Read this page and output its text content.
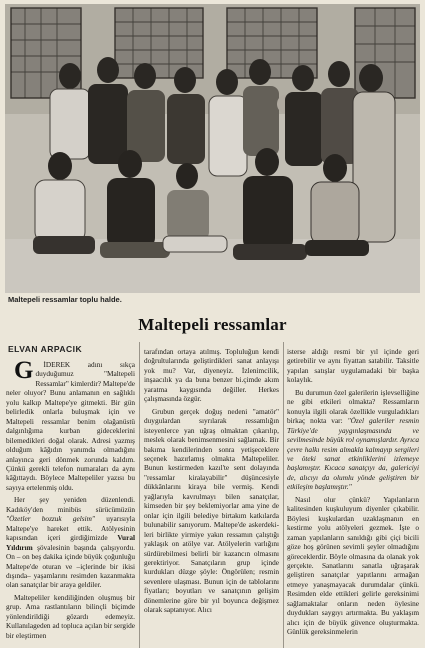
Maltepeli ressamlar toplu halde.
Maltepeli ressamlar
ELVAN ARPACIK

G İDEREK adını sıkça duyduğumuz "Maltepeli Ressamlar" kimlerdir? Maltepe'de neler oluyor? Bunu anlamanın en sağlıklı yolu kalkıp Maltepe'ye gitmekti. Bir gün belirledik onlarla buluşmak için ve Maltepeli ressamlar benim olağanüstü dalgınlığıma kurban gideceklerini bilemedikleri doğal olarak. Adresi yazmış olduğum kâğıdın yanımda olmadığını anlayınca geri dönmek zorunda kaldım. Çünkü gerekli telefon numaraları da aynı kâğıttaydı. Böylece Maltepeliler yazısı bu sayıya ertelenmiş oldu.

Her şey yeniden düzenlendi. Kadıköy'den minibüs sürücümüzün "Özetler bozzuk gelsim" uyarısıyla Maltepe'ye hareket ettik. Atölyesinin kapısından içeri girdiğimizde Vural Yıldırım şövalesinin başında çalışıyordu. On – on beş dakika içinde büyük çoğunluğu Maltepe'de oturan ve –içlerinde bir ikisi dışında– yaşamlarını resimden kazanmakta olan sanatçılar bir araya geldiler.

Maltepeliler kendiliğinden oluşmuş bir grup. Ama rastlantıların bilinçli biçimde yönlendirildiği gözardı edemeyiz. Kullanılageden ad topluca açılan bir sergide bir eleştirmen

tarafından ortaya atılmış. Topluluğun kendi doğrultularında geliştirdikleri sanat anlayışı yok mu? Var, diyeneyiz. İzlenimcilik, inşaacılık ya da buna benzer bi.çimde akım yaratma kaygısında değiller. Herkes çalışmasında özgür.

Grubun gerçek doğuş nedeni "amatör" duygulardan sıyrılarak ressamlığın isteyenlerce yan uğraş olmaktan çıkarılıp, meslek olarak benimsenmesini sağlamak. Bir bakıma kendilerinden sonra yetişeceklere seçenek hazırlamış olmakta Maltepeliler. Bunun kestirmeden kazıl'te sent dolayında "ressamlar kiralayabilir" düşüncesiyle dükkânlarını kiraya bile vermiş. Kendi yağlarıyla kavrulmayı bilen sanatçılar, kimseden bir şey beklemiyorlar ama yine de onlar için ilgili belediye birtakım katkılarda bulunabilir sanıyorum. Maltepe'de askerdeki- leri birlikte yirmiye yakın ressamın çalıştığı yaklaşık on atölye var. Atölyelerin varlığını sürdürebilmesi belirli bir kazancın olmasını gerektiriyor. Sanatçıların grup içinde kurdukları düzge şöyle: Öngörülen; resmin sevenlere ulaşması. Bunun için de tablolarını fiyatları; boyutları ve sanatçının gelişim dönemlerine göre bir yıl boyunca değişmez olarak saptanıyor. Alıcı

isterse aldığı resmi bir yıl içinde geri getirebilir ve aynı fiyattan satabilir. Taksitle yapılan satışlar uygulamadaki bir başka kolaylık.

Bu durumun özel galerilerin işlevselliğine ne gibi etkileri olmakta? Ressamların konuyla ilgili olarak özellikle vurguladıkları birkaç nokta var: "Özel galeriler resmin Türkiye'de yaygınlaşmasında ve sevilmesinde büyük rol oynamışlardır. Ayrıca çevre halkı resim almakla kalmayıp sergileri ve öteki sanat etkinliklerini izlemeye başlamıştır. Kıcaca sanatçıyı da, galericiyi de, alıcıyı da olumlu yönde geliştiren bir etkileşim başlamıştır."

Nasıl olur çünkü? Yapılanların kalitesinden kuşkuluyum diyenler çıkabilir. Böylesi kuşkulardan uzaklaşmanın en kestirme yolu atölyeleri gezmek. İşte o zaman yapılanların sanıldığı gibi çiçi bicili göze hoş görünen sevimli şeyler olmadığını göreceklerdir. Böyle olmasına da olanak yok gerçekte. Sanatlarını sanatla uğraşarak geliştiren sanatçılar yapıtlarını armağan etmeye yanaşmayacak durumdalar çünkü. Resimden elde ettikleri gelirle gereksinimi sağlamaktalar onların neden öylesine duydukları saygıyı artırmakta. Bu yaklaşım alıcı için de büyük güvence oluşturmakta. Günlük gereksinmelerin
